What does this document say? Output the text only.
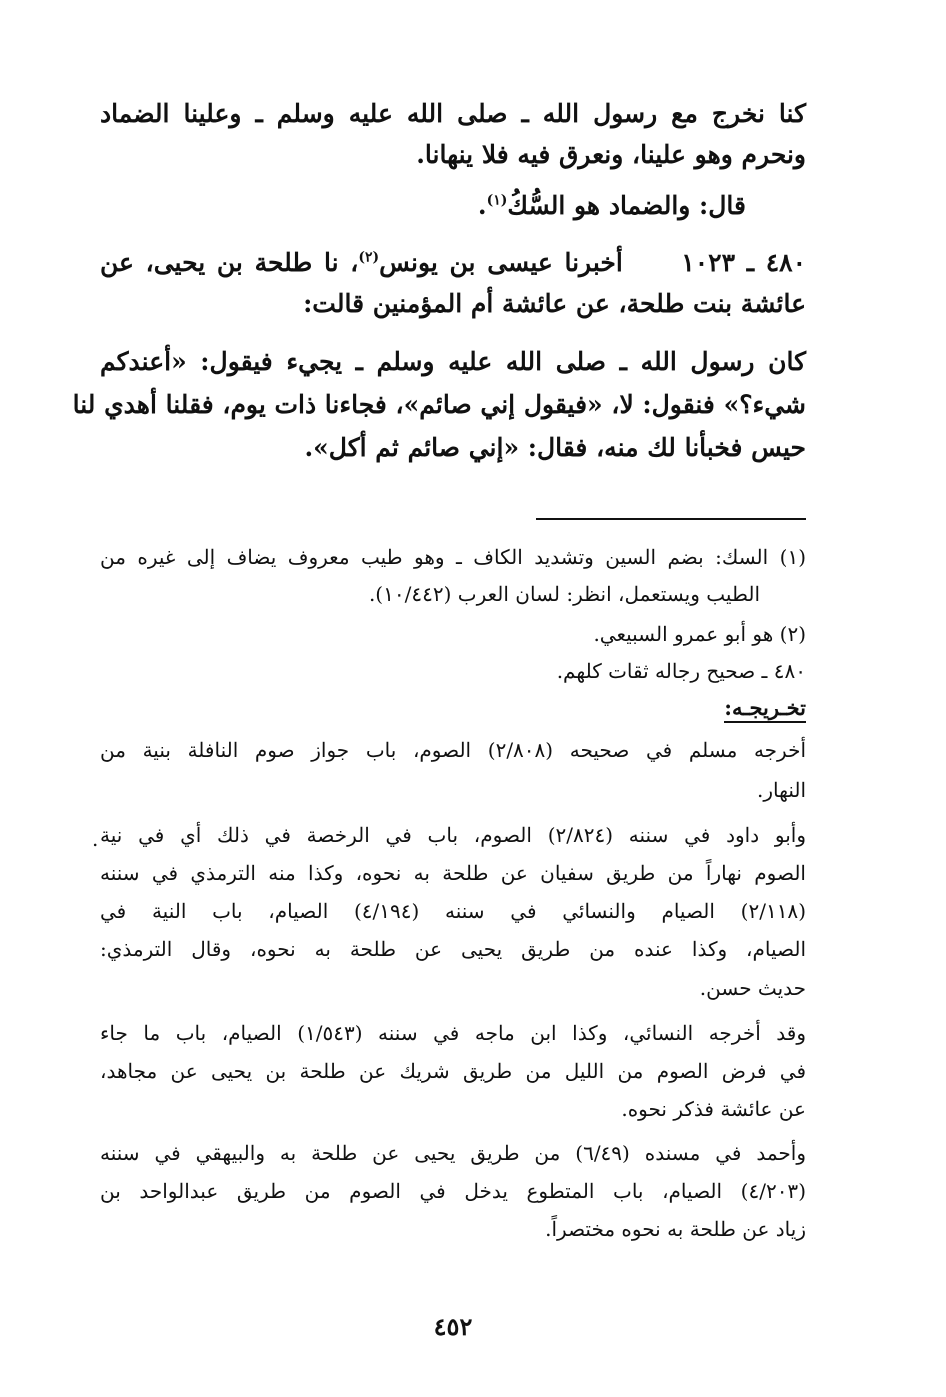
كنا نخرج مع رسول الله ـ صلى الله عليه وسلم ـ وعلينا الضماد
ونحرم وهو علينا، ونعرق فيه فلا ينهانا.
قال: والضماد هو السُّكُ$^{(١)}$.
٤٨٠ ـ ١٠٢٣     أخبرنا عيسى بن يونس$^{(٢)}$، نا طلحة بن يحيى، عن
عائشة بنت طلحة، عن عائشة أم المؤمنين قالت:
كان رسول الله ـ صلى الله عليه وسلم ـ يجيء فيقول: «أعندكم
شيء؟» فنقول: لا، «فيقول إني صائم»، فجاءنا ذات يوم، فقلنا أهدي لنا
حيس فخبأنا لك منه، فقال: «إني صائم ثم أكل».
(١) السك: بضم السين وتشديد الكاف ـ وهو طيب معروف يضاف إلى غيره من
الطيب ويستعمل، انظر: لسان العرب (١٠/٤٤٢).
(٢) هو أبو عمرو السبيعي.
٤٨٠ ـ صحيح رجاله ثقات كلهم.
تخـريجـه:
أخرجه مسلم في صحيحه (٢/٨٠٨) الصوم، باب جواز صوم النافلة بنية من
النهار.
وأبو داود في سننه (٢/٨٢٤) الصوم، باب في الرخصة في ذلك أي في نية
الصوم نهاراً من طريق سفيان عن طلحة به نحوه، وكذا منه الترمذي في سننه
(٢/١١٨) الصيام والنسائي في سننه (٤/١٩٤) الصيام، باب النية في
الصيام، وكذا عنده من طريق يحيى عن طلحة به نحوه، وقال الترمذي:
حديث حسن.
وقد أخرجه النسائي، وكذا ابن ماجه في سننه (١/٥٤٣) الصيام، باب ما جاء
في فرض الصوم من الليل من طريق شريك عن طلحة بن يحيى عن مجاهد،
عن عائشة فذكر نحوه.
وأحمد في مسنده (٦/٤٩) من طريق يحيى عن طلحة به والبيهقي في سننه
(٤/٢٠٣) الصيام، باب المتطوع يدخل في الصوم من طريق عبدالواحد بن
زياد عن طلحة به نحوه مختصراً.
.
٤٥٢
